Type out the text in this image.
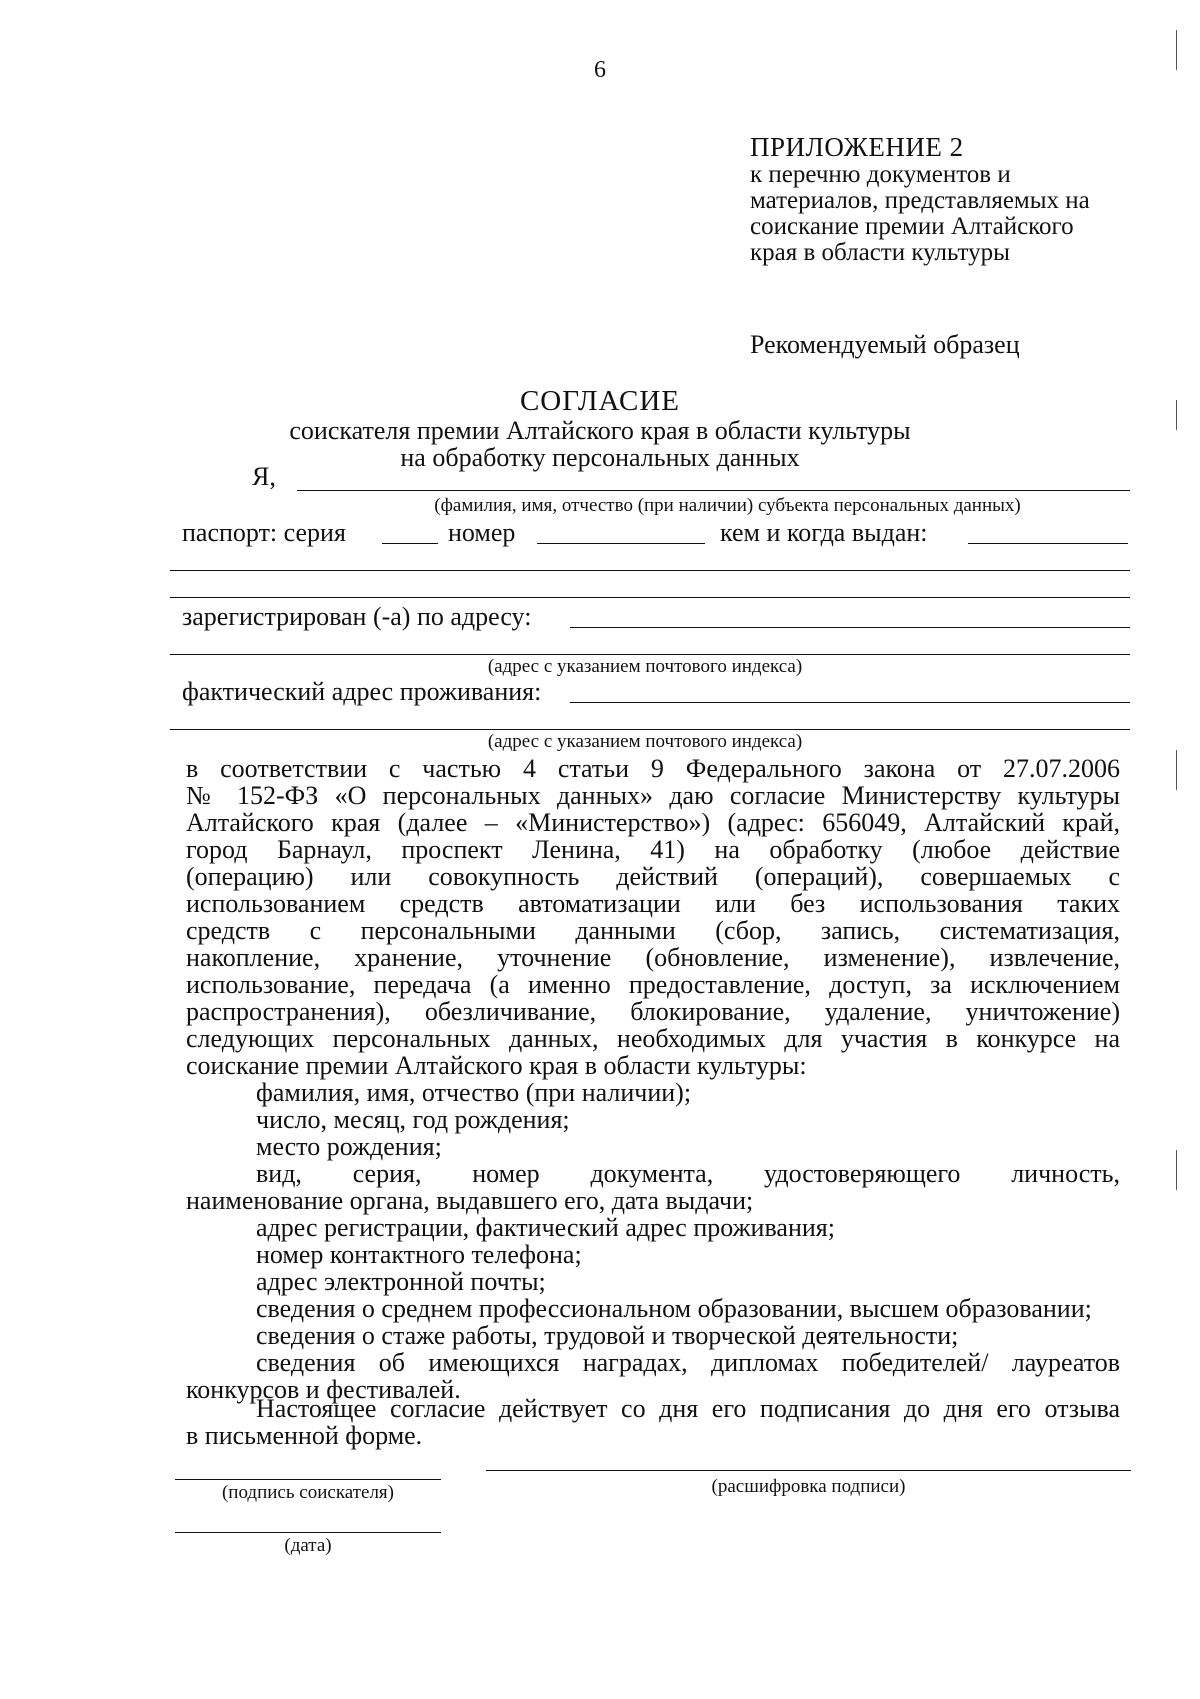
6
ПРИЛОЖЕНИЕ 2
к перечню документов и
материалов, представляемых на
соискание премии Алтайского
края в области культуры
Рекомендуемый образец
СОГЛАСИЕ
соискателя премии Алтайского края в области культуры
на обработку персональных данных
Я,
(фамилия, имя, отчество (при наличии) субъекта персональных данных)
паспорт: серия	номер	кем и когда выдан:
зарегистрирован (-а) по адресу:
(адрес с указанием почтового индекса)
фактический адрес проживания:
(адрес с указанием почтового индекса)
в соответствии с частью 4 статьи 9 Федерального закона от 27.07.2006
№ 152-ФЗ «О персональных данных» даю согласие Министерству культуры
Алтайского края (далее – «Министерство») (адрес: 656049, Алтайский край,
город Барнаул, проспект Ленина, 41) на обработку (любое действие
(операцию) или совокупность действий (операций), совершаемых с
использованием средств автоматизации или без использования таких
средств с персональными данными (сбор, запись, систематизация,
накопление, хранение, уточнение (обновление, изменение), извлечение,
использование, передача (а именно предоставление, доступ, за исключением
распространения), обезличивание, блокирование, удаление, уничтожение)
следующих персональных данных, необходимых для участия в конкурсе на
соискание премии Алтайского края в области культуры:
фамилия, имя, отчество (при наличии);
число, месяц, год рождения;
место рождения;
вид, серия, номер документа, удостоверяющего личность,
наименование органа, выдавшего его, дата выдачи;
адрес регистрации, фактический адрес проживания;
номер контактного телефона;
адрес электронной почты;
сведения о среднем профессиональном образовании, высшем образовании;
сведения о стаже работы, трудовой и творческой деятельности;
сведения об имеющихся наградах, дипломах победителей/ лауреатов
конкурсов и фестивалей.
Настоящее согласие действует со дня его подписания до дня его отзыва
в письменной форме.
(подпись соискателя)	(расшифровка подписи)
(дата)
